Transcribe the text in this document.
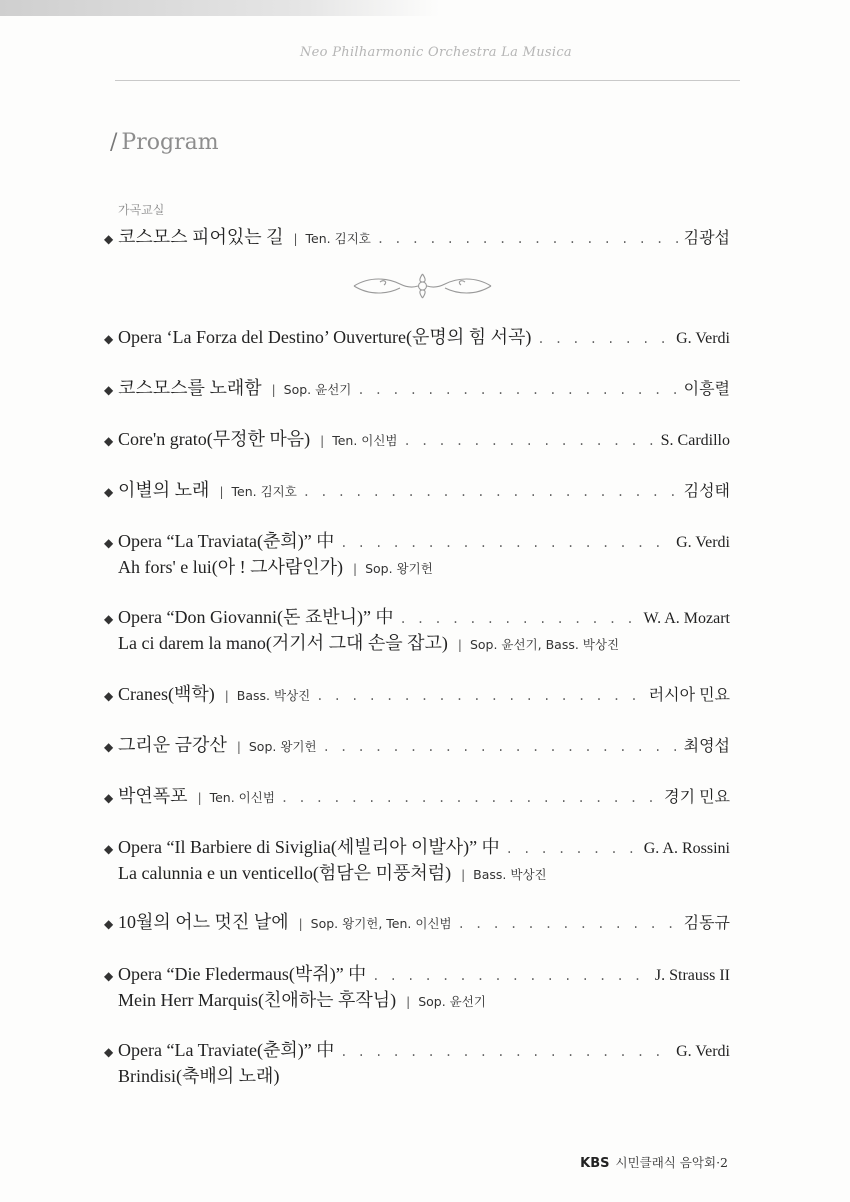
Neo Philharmonic Orchestra La Musica
/ Program
가곡교실
◆ 코스모스 피어있는 길 | Ten. 김지호 . . .	김광섭
◆ Opera ‘La Forza del Destino’ Ouverture(운명의 힘 서곡) . . .	G. Verdi
◆ 코스모스를 노래함 | Sop. 윤선기 . . .	이흥렬
◆ Core'n grato(무정한 마음) | Ten. 이신범 . . .	S. Cardillo
◆ 이별의 노래 | Ten. 김지호 . . .	김성태
◆ Opera “La Traviata(춘희)” 中 . . .	G. Verdi
Ah fors' e lui(아 ! 그사람인가) | Sop. 왕기헌
◆ Opera “Don Giovanni(돈 죠반니)” 中 . . .	W. A. Mozart
La ci darem la mano(거기서 그대 손을 잡고) | Sop. 윤선기, Bass. 박상진
◆ Cranes(백학) | Bass. 박상진 . . .	러시아 민요
◆ 그리운 금강산 | Sop. 왕기헌 . . .	최영섭
◆ 박연폭포 | Ten. 이신범 . . .	경기 민요
◆ Opera “Il Barbiere di Siviglia(세빌리아 이발사)” 中 . . .	G. A. Rossini
La calunnia e un venticello(험담은 미풍처럼) | Bass. 박상진
◆ 10월의 어느 멋진 날에 | Sop. 왕기헌, Ten. 이신범 . . .	김동규
◆ Opera “Die Fledermaus(박쥐)” 中 . . .	J. Strauss II
Mein Herr Marquis(친애하는 후작님) | Sop. 윤선기
◆ Opera “La Traviate(춘희)” 中 . . .	G. Verdi
Brindisi(축배의 노래)
KBS 시민클래식 음악회·2
